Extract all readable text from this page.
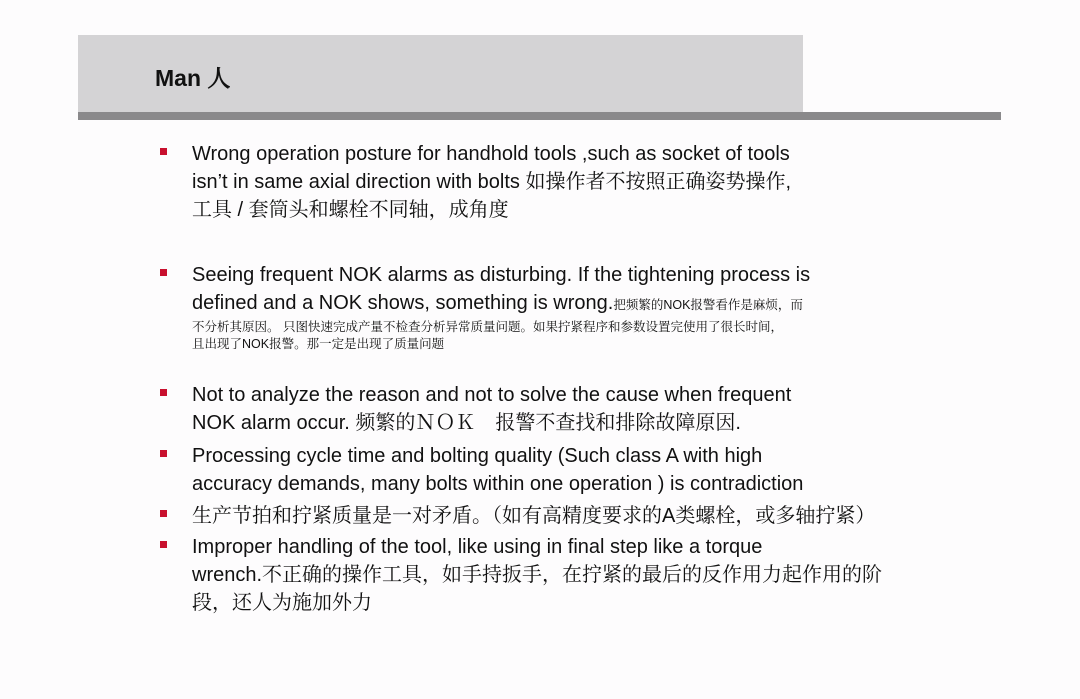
Man 人
Wrong operation posture for handhold tools ,such as socket of tools
isn’t in same axial direction with bolts 如操作者不按照正确姿势操作,
工具 / 套筒头和螺栓不同轴，成角度
Seeing frequent NOK alarms as disturbing. If the tightening process is
defined and a NOK shows, something is wrong.把频繁的NOK报警看作是麻烦，而
不分析其原因。 只图快速完成产量不检查分析异常质量问题。如果拧紧程序和参数设置完使用了很长时间，
且出现了NOK报警。那一定是出现了质量问题
Not to analyze the reason and not to solve the cause when frequent
NOK alarm occur. 频繁的ＮＯＫ　报警不查找和排除故障原因.
Processing cycle time and bolting quality (Such class A with high
accuracy demands, many bolts within one operation ) is contradiction
生产节拍和拧紧质量是一对矛盾。（如有高精度要求的A类螺栓，或多轴拧紧）
Improper handling of the tool, like using in final step like a torque
wrench.不正确的操作工具，如手持扳手，在拧紧的最后的反作用力起作用的阶
段，还人为施加外力
